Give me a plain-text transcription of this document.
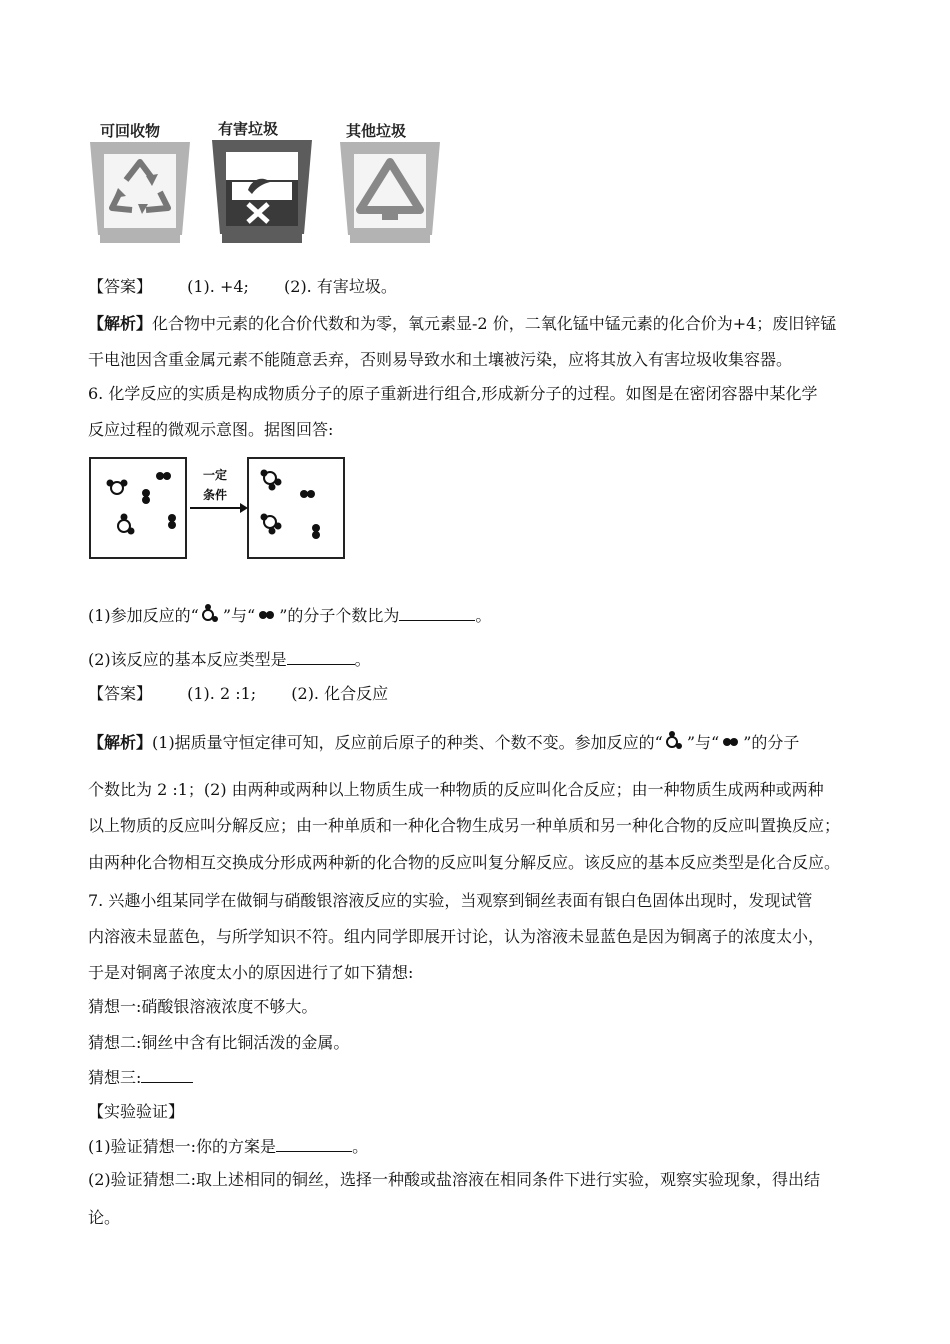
可回收物	有害垃圾	其他垃圾
【答案】 (1). +4; (2). 有害垃圾。
【解析】化合物中元素的化合价代数和为零，氧元素显-2 价，二氧化锰中锰元素的化合价为+4；废旧锌锰
干电池因含重金属元素不能随意丢弃，否则易导致水和土壤被污染，应将其放入有害垃圾收集容器。
6. 化学反应的实质是构成物质分子的原子重新进行组合,形成新分子的过程。如图是在密闭容器中某化学
反应过程的微观示意图。据图回答:
一定
条件
(1)参加反应的“ ”与“ ”的分子个数比为	。
(2)该反应的基本反应类型是	。
【答案】 (1). 2 :1; (2). 化合反应
【解析】(1)据质量守恒定律可知，反应前后原子的种类、个数不变。参加反应的“ ”与“ ”的分子
个数比为 2 :1；(2) 由两种或两种以上物质生成一种物质的反应叫化合反应；由一种物质生成两种或两种
以上物质的反应叫分解反应；由一种单质和一种化合物生成另一种单质和另一种化合物的反应叫置换反应；
由两种化合物相互交换成分形成两种新的化合物的反应叫复分解反应。该反应的基本反应类型是化合反应。
7. 兴趣小组某同学在做铜与硝酸银溶液反应的实验，当观察到铜丝表面有银白色固体出现时，发现试管
内溶液未显蓝色，与所学知识不符。组内同学即展开讨论，认为溶液未显蓝色是因为铜离子的浓度太小，
于是对铜离子浓度太小的原因进行了如下猜想:
猜想一:硝酸银溶液浓度不够大。
猜想二:铜丝中含有比铜活泼的金属。
猜想三:
【实验验证】
(1)验证猜想一:你的方案是	。
(2)验证猜想二:取上述相同的铜丝，选择一种酸或盐溶液在相同条件下进行实验，观察实验现象，得出结
论。
